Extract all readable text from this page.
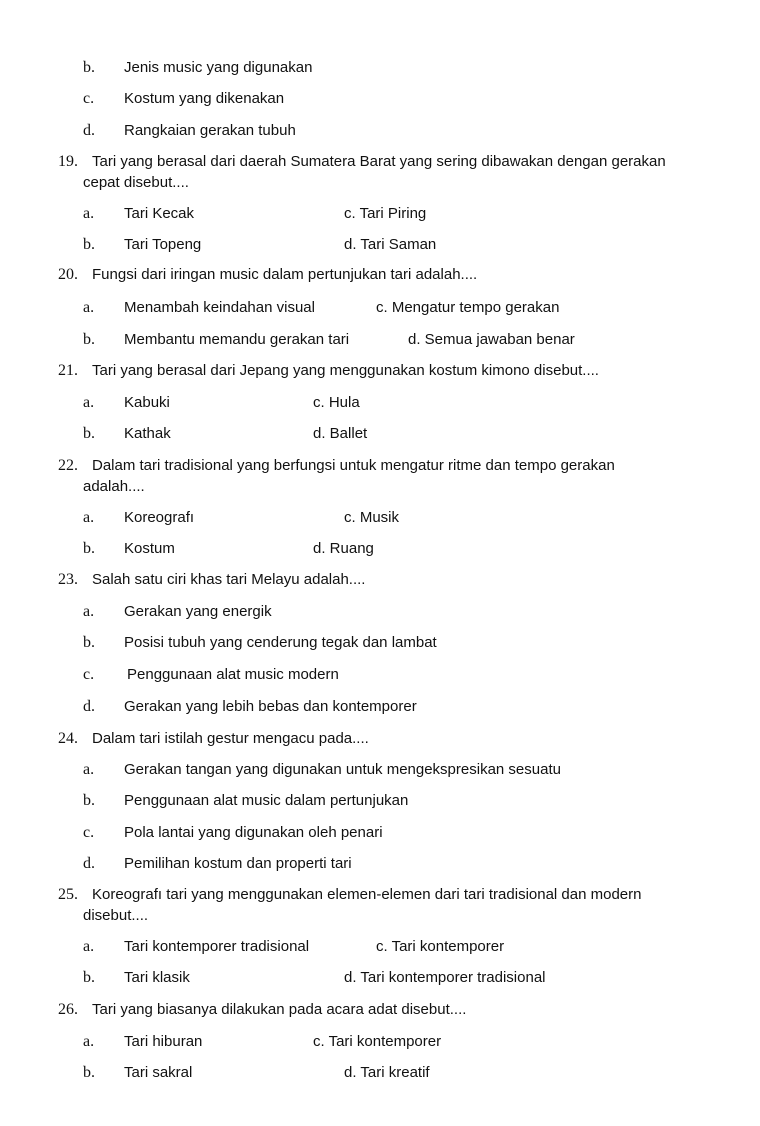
b. Jenis music yang digunakan
c. Kostum yang dikenakan
d. Rangkaian gerakan tubuh
19. Tari yang berasal dari daerah Sumatera Barat yang sering dibawakan dengan gerakan
cepat disebut....
a. Tari Kecak	c. Tari Piring
b. Tari Topeng	d. Tari Saman
20. Fungsi dari iringan music dalam pertunjukan tari adalah....
a. Menambah keindahan visual	c. Mengatur tempo gerakan
b. Membantu memandu gerakan tari	d. Semua jawaban benar
21. Tari yang berasal dari Jepang yang menggunakan kostum kimono disebut....
a. Kabuki	c. Hula
b. Kathak	d. Ballet
22. Dalam tari tradisional yang berfungsi untuk mengatur ritme dan tempo gerakan
adalah....
a. Koreografı	c. Musik
b. Kostum	d. Ruang
23. Salah satu ciri khas tari Melayu adalah....
a. Gerakan yang energik
b. Posisi tubuh yang cenderung tegak dan lambat
c. Penggunaan alat music modern
d. Gerakan yang lebih bebas dan kontemporer
24. Dalam tari istilah gestur mengacu pada....
a. Gerakan tangan yang digunakan untuk mengekspresikan sesuatu
b. Penggunaan alat music dalam pertunjukan
c. Pola lantai yang digunakan oleh penari
d. Pemilihan kostum dan properti tari
25. Koreografı tari yang menggunakan elemen-elemen dari tari tradisional dan modern
disebut....
a. Tari kontemporer tradisional	c. Tari kontemporer
b. Tari klasik	d. Tari kontemporer tradisional
26. Tari yang biasanya dilakukan pada acara adat disebut....
a. Tari hiburan	c. Tari kontemporer
b. Tari sakral	d. Tari kreatif
